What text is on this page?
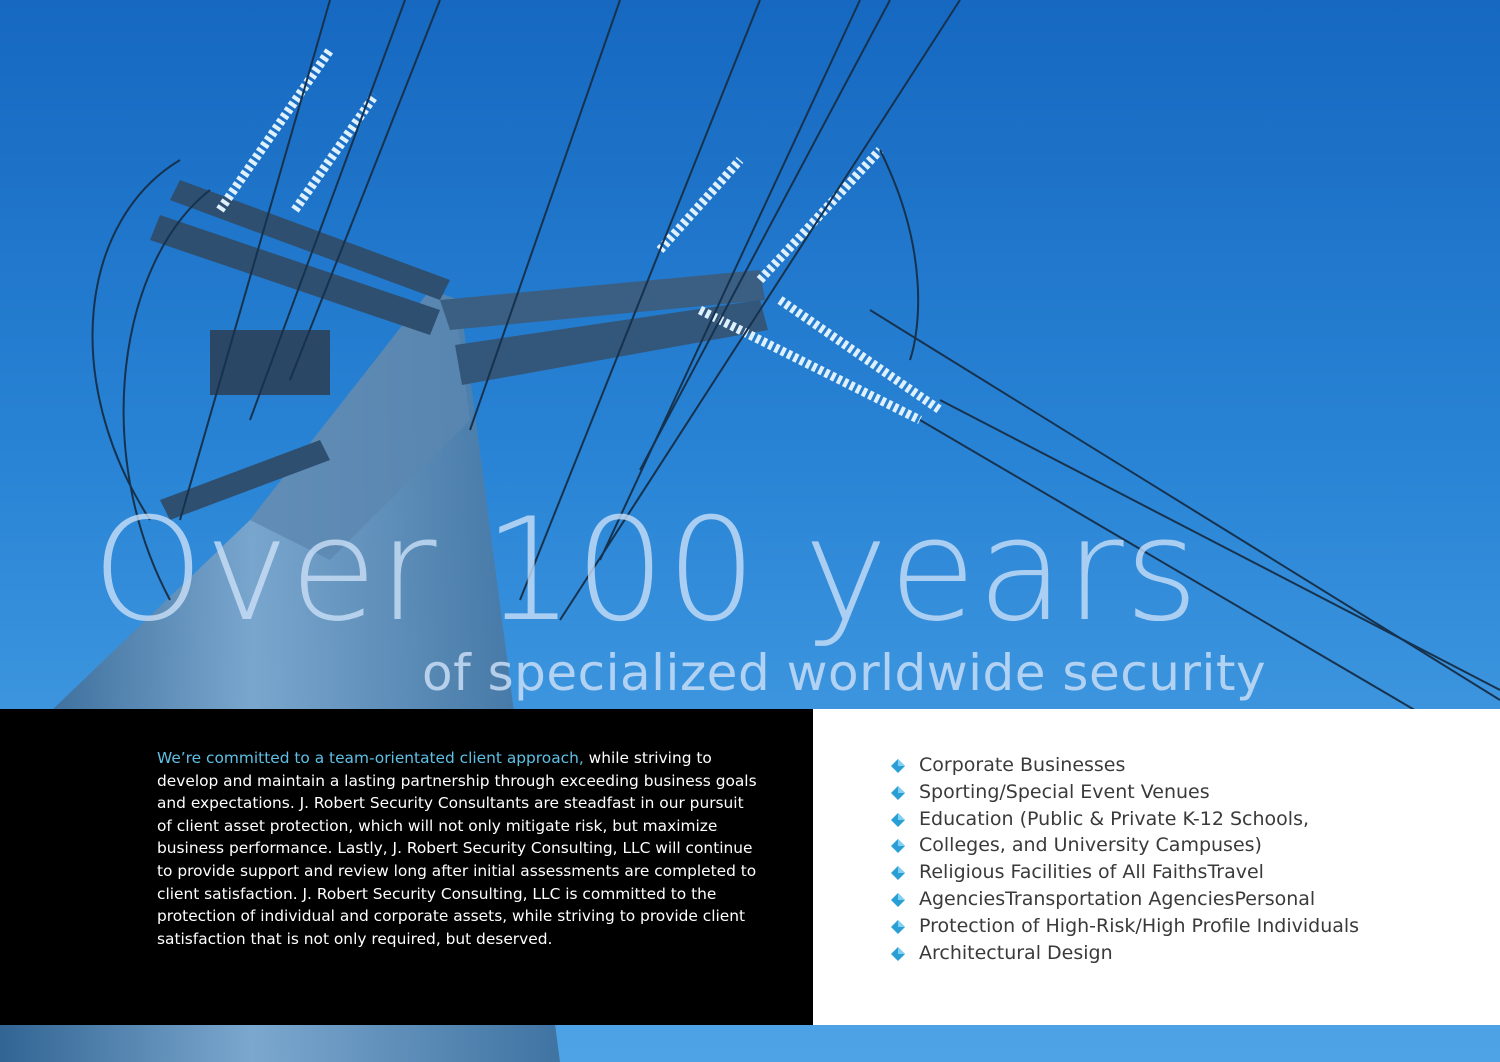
Over 100 years
of specialized worldwide security

We’re committed to a team-orientated client approach, while striving to develop and maintain a lasting partnership through exceeding business goals and expectations. J. Robert Security Consultants are steadfast in our pursuit of client asset protection, which will not only mitigate risk, but maximize business performance. Lastly, J. Robert Security Consulting, LLC will continue to provide support and review long after initial assessments are completed to client satisfaction. J. Robert Security Consulting, LLC is committed to the protection of individual and corporate assets, while striving to provide client satisfaction that is not only required, but deserved.

Corporate Businesses
Sporting/Special Event Venues
Education (Public & Private K-12 Schools,
Colleges, and University Campuses)
Religious Facilities of All FaithsTravel
AgenciesTransportation AgenciesPersonal
Protection of High-Risk/High Profile Individuals
Architectural Design
